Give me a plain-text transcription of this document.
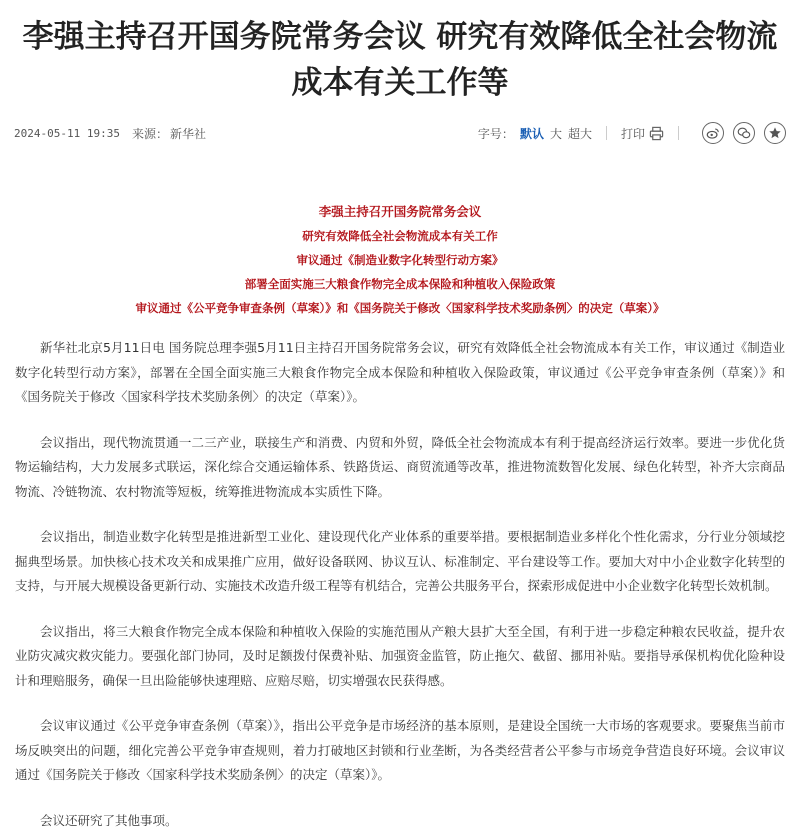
李强主持召开国务院常务会议 研究有效降低全社会物流
成本有关工作等
2024-05-11 19:35 来源： 新华社	字号： 默认 大 超大 打印
李强主持召开国务院常务会议
研究有效降低全社会物流成本有关工作
审议通过《制造业数字化转型行动方案》
部署全面实施三大粮食作物完全成本保险和种植收入保险政策
审议通过《公平竞争审查条例（草案）》和《国务院关于修改〈国家科学技术奖励条例〉的决定（草案）》

新华社北京5月11日电 国务院总理李强5月11日主持召开国务院常务会议，研究有效降低全社会物流成本有关工作，审议通过《制造业数字化转型行动方案》，部署在全国全面实施三大粮食作物完全成本保险和种植收入保险政策，审议通过《公平竞争审查条例（草案）》和《国务院关于修改〈国家科学技术奖励条例〉的决定（草案）》。

会议指出，现代物流贯通一二三产业，联接生产和消费、内贸和外贸，降低全社会物流成本有利于提高经济运行效率。要进一步优化货物运输结构，大力发展多式联运，深化综合交通运输体系、铁路货运、商贸流通等改革，推进物流数智化发展、绿色化转型，补齐大宗商品物流、冷链物流、农村物流等短板，统筹推进物流成本实质性下降。

会议指出，制造业数字化转型是推进新型工业化、建设现代化产业体系的重要举措。要根据制造业多样化个性化需求，分行业分领域挖掘典型场景。加快核心技术攻关和成果推广应用，做好设备联网、协议互认、标准制定、平台建设等工作。要加大对中小企业数字化转型的支持，与开展大规模设备更新行动、实施技术改造升级工程等有机结合，完善公共服务平台，探索形成促进中小企业数字化转型长效机制。

会议指出，将三大粮食作物完全成本保险和种植收入保险的实施范围从产粮大县扩大至全国，有利于进一步稳定种粮农民收益，提升农业防灾减灾救灾能力。要强化部门协同，及时足额拨付保费补贴、加强资金监管，防止拖欠、截留、挪用补贴。要指导承保机构优化险种设计和理赔服务，确保一旦出险能够快速理赔、应赔尽赔，切实增强农民获得感。

会议审议通过《公平竞争审查条例（草案）》，指出公平竞争是市场经济的基本原则，是建设全国统一大市场的客观要求。要聚焦当前市场反映突出的问题，细化完善公平竞争审查规则，着力打破地区封锁和行业垄断，为各类经营者公平参与市场竞争营造良好环境。会议审议通过《国务院关于修改〈国家科学技术奖励条例〉的决定（草案）》。

会议还研究了其他事项。
